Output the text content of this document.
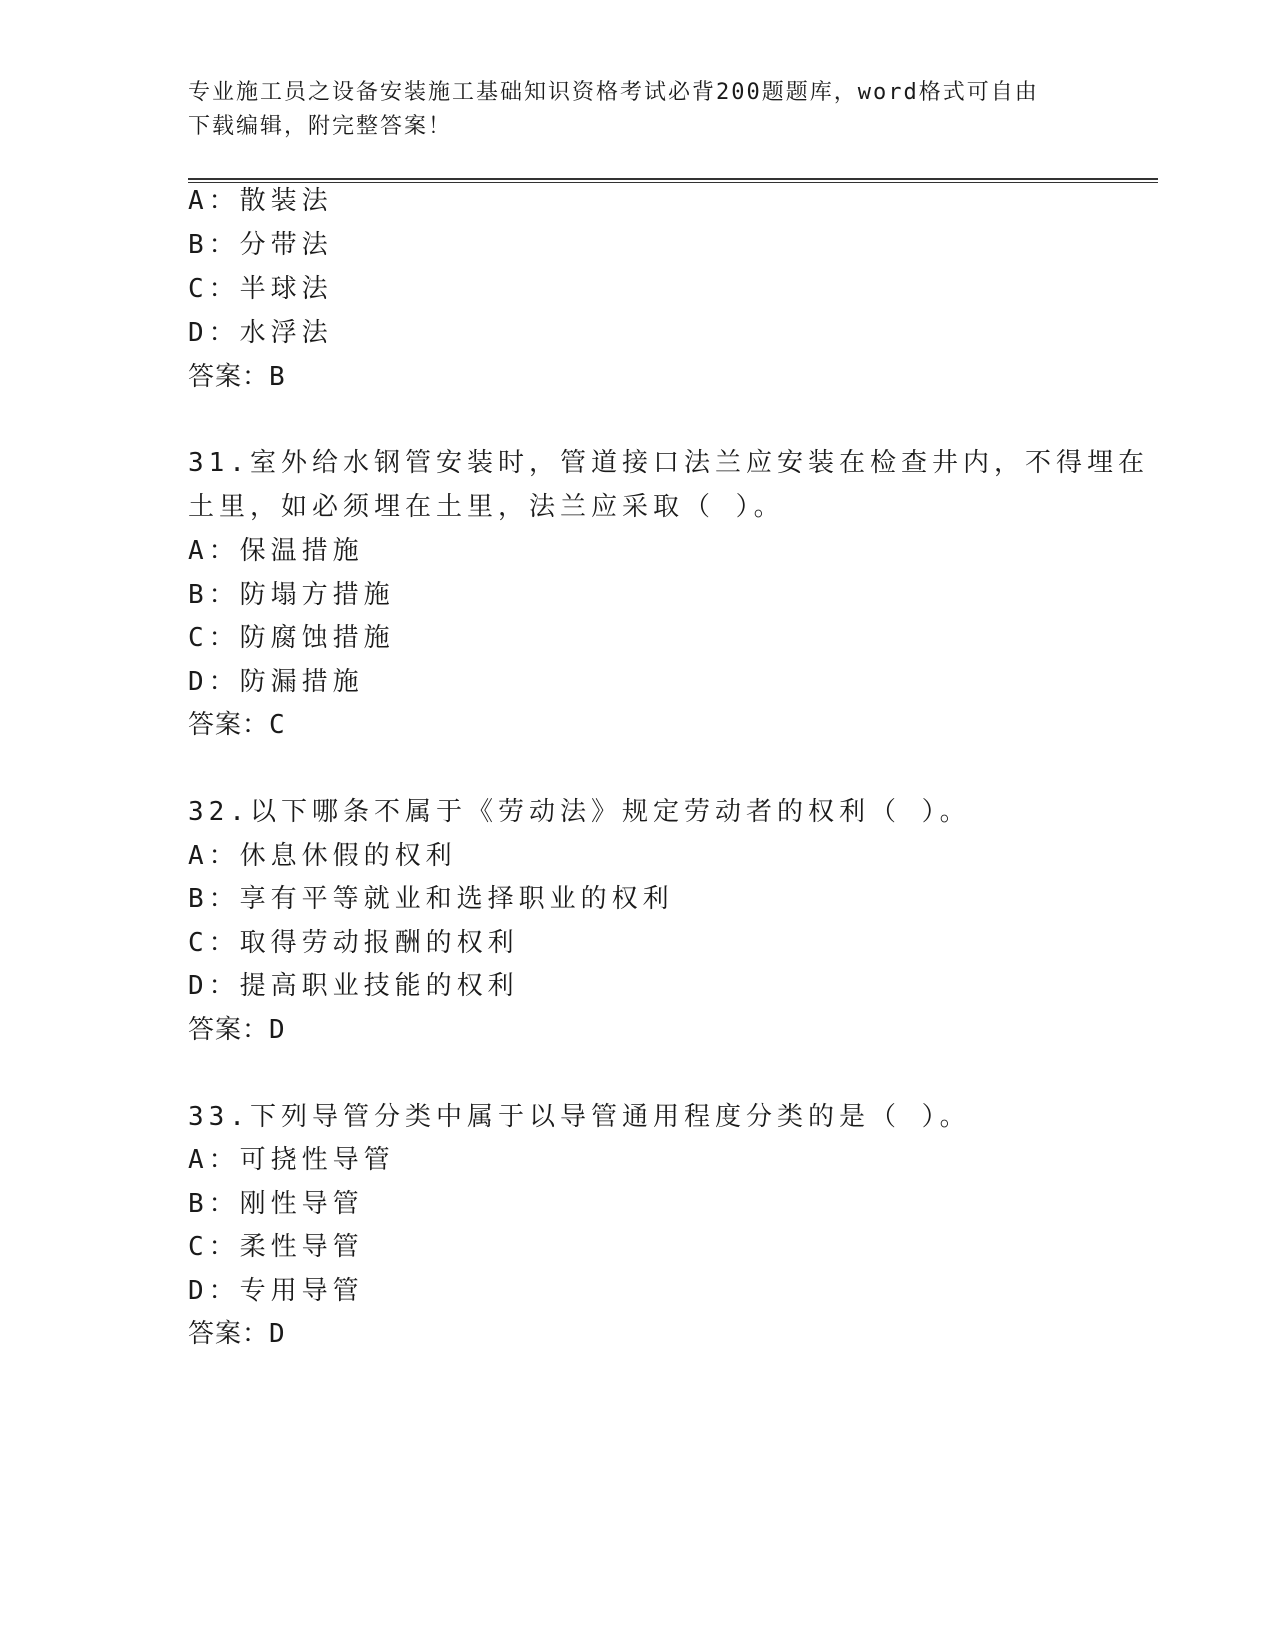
专业施工员之设备安装施工基础知识资格考试必背200题题库，word格式可自由
下载编辑，附完整答案！
A：散装法
B：分带法
C：半球法
D：水浮法
答案：B
31.室外给水钢管安装时，管道接口法兰应安装在检查井内，不得埋在
土里，如必须埋在土里，法兰应采取（ ）。
A：保温措施
B：防塌方措施
C：防腐蚀措施
D：防漏措施
答案：C
32.以下哪条不属于《劳动法》规定劳动者的权利（ ）。
A：休息休假的权利
B：享有平等就业和选择职业的权利
C：取得劳动报酬的权利
D：提高职业技能的权利
答案：D
33.下列导管分类中属于以导管通用程度分类的是（ ）。
A：可挠性导管
B：刚性导管
C：柔性导管
D：专用导管
答案：D
